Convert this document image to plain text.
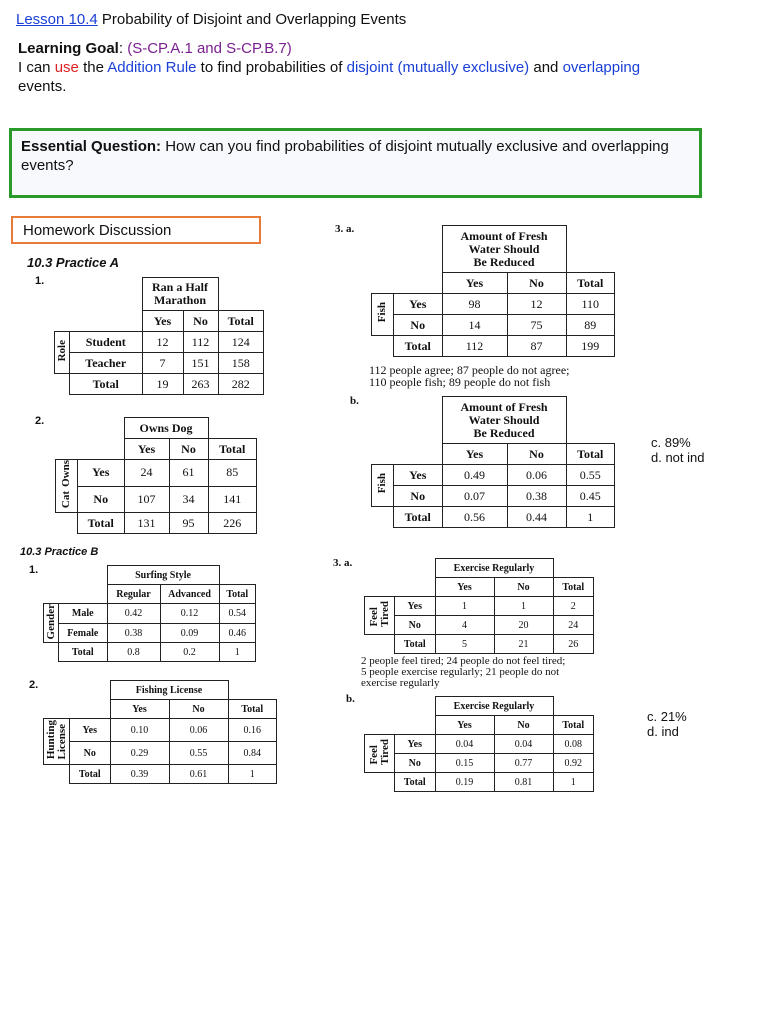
Lesson 10.4 Probability of Disjoint and Overlapping Events
Learning Goal: (S-CP.A.1 and S-CP.B.7)
I can use the Addition Rule to find probabilities of disjoint (mutually exclusive) and overlapping
events.
Essential Question: How can you find probabilities of disjoint mutually exclusive and overlapping events?
Homework Discussion
10.3 Practice A
1.
			Ran a Half Marathon		
		Yes	No	Total
Role	Student	12	112	124
	Teacher	7	151	158
	Total	19	263	282
2.
			Owns Dog		
		Yes	No	Total
OwnsCat	Yes	24	61	85
	No	107	34	141
	Total	131	95	226
3. a.
			Amount of Fresh
Water Should
Be Reduced		
		Yes	No	Total
Fish	Yes	98	12	110
	No	14	75	89
	Total	112	87	199
112 people agree; 87 people do not agree;
110 people fish; 89 people do not fish
b.
			Amount of Fresh
Water Should
Be Reduced		
		Yes	No	Total
Fish	Yes	0.49	0.06	0.55
	No	0.07	0.38	0.45
	Total	0.56	0.44	1
c. 89%
d. not ind
10.3 Practice B
1.
			Surfing Style		
		Regular	Advanced	Total
Gender	Male	0.42	0.12	0.54
	Female	0.38	0.09	0.46
	Total	0.8	0.2	1
2.
			Fishing License		
		Yes	No	Total
HuntingLicense	Yes	0.10	0.06	0.16
	No	0.29	0.55	0.84
	Total	0.39	0.61	1
3. a.
			Exercise Regularly		
		Yes	No	Total
FeelTired	Yes	1	1	2
	No	4	20	24
	Total	5	21	26
2 people feel tired; 24 people do not feel tired;
5 people exercise regularly; 21 people do not
exercise regularly
b.
		Exercise Regularly		
		Yes	No	Total
FeelTired	Yes	0.04	0.04	0.08
	No	0.15	0.77	0.92
	Total	0.19	0.81	1
c. 21%
d. ind
